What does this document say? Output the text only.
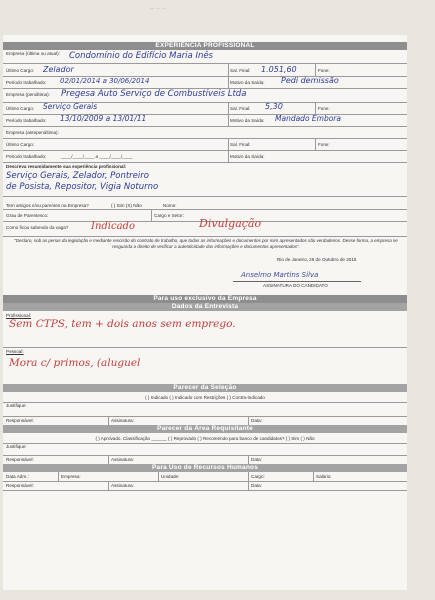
~ ~ ~
EXPERIÊNCIA PROFISSIONAL
Empresa (última ou atual): Condomínio do Edifício Maria Inês
Último Cargo: Zelador	Sal. Final: 1.051,60	Fone:
Período trabalhado: 02/01/2014 a 30/06/2014	Motivo da Saída: Pedi demissão
Empresa (penúltima): Pregesa Auto Serviço de Combustíveis Ltda
Último Cargo: Serviço Gerais	Sal. Final: 5,30	Fone:
Período trabalhado: 13/10/2009 a 13/01/11	Motivo da Saída: Mandado Embora
Empresa (antepenúltima):
Último Cargo:	Sal. Final:	Fone:
Período trabalhado:	____/____/____ a ____/____/____	Motivo da Saída:
Descreva resumidamente sua experiência profissional:
Serviço Gerais, Zelador, Pontreiro
de Posista, Repositor, Vigia Noturno
Tem amigos e/ou parentes na Empresa?	( ) Sim (X) Não	Nome:
Grau de Parentesco:	Cargo e Setor:
Como ficou sabendo da vaga? Indicado	Divulgação
"Declaro, sob as penas da legislação e mediante rescisão do contrato de trabalho, que todas as informações e documentos por mim apresentados são verdadeiros. Desse forma, a empresa se resguarda o direito de verificar a autenticidade das informações e documentos apresentados".
Rio de Janeiro, 26 de Outubro de 2015
Anselmo Martins Silva
ASSINATURA DO CANDIDATO
Para uso exclusivo da Empresa
Dados da Entrevista
Profissional:
Sem CTPS, tem + dois anos sem emprego.
Pessoal:
Mora c/ primos, (aluguel
Parecer da Seleção
( ) Indicado ( ) Indicado com Restrições ( ) Contra-Indicado
Justifique:
Responsável:	Assinatura:	Data:
Parecer da Área Requisitante
( ) Aprovado. Classificação ______ ( ) Reprovado ( ) Recomendo para banco de candidatos? ( ) Sim ( ) Não
Justifique:
Responsável:	Assinatura:	Data:
Para Uso de Recursos Humanos
Data Adm.:	Empresa:	Unidade:	Cargo:	Salário:
Responsável:	Assinatura:	Data:
